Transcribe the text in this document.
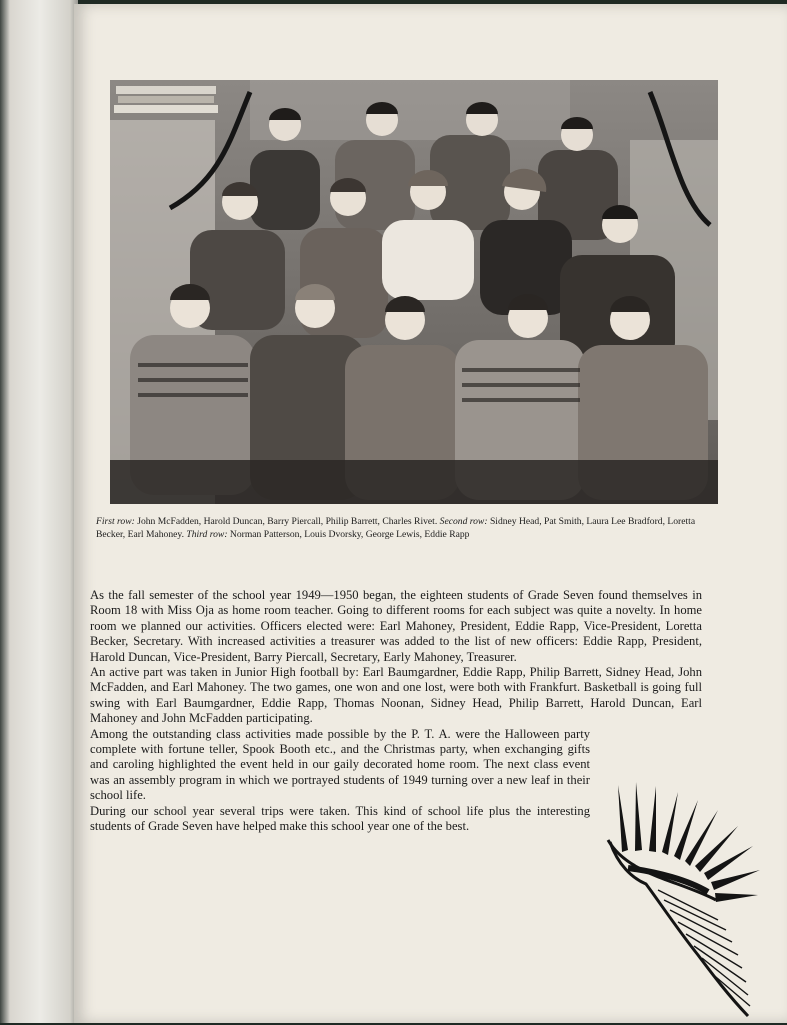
First row: John McFadden, Harold Duncan, Barry Piercall, Philip Barrett, Charles Rivet. Second row: Sidney Head, Pat Smith, Laura Lee Bradford, Loretta Becker, Earl Mahoney. Third row: Norman Patterson, Louis Dvorsky, George Lewis, Eddie Rapp

As the fall semester of the school year 1949—1950 began, the eighteen students of Grade Seven found themselves in Room 18 with Miss Oja as home room teacher. Going to different rooms for each subject was quite a novelty. In home room we planned our activities. Officers elected were: Earl Mahoney, President, Eddie Rapp, Vice-President, Loretta Becker, Secretary. With increased activities a treasurer was added to the list of new officers: Eddie Rapp, President, Harold Duncan, Vice-President, Barry Piercall, Secretary, Early Mahoney, Treasurer.

An active part was taken in Junior High football by: Earl Baumgardner, Eddie Rapp, Philip Barrett, Sidney Head, John McFadden, and Earl Mahoney. The two games, one won and one lost, were both with Frankfurt. Basketball is going full swing with Earl Baumgardner, Eddie Rapp, Thomas Noonan, Sidney Head, Philip Barrett, Harold Duncan, Earl Mahoney and John McFadden participating.

Among the outstanding class activities made possible by the P. T. A. were the Halloween party complete with fortune teller, Spook Booth etc., and the Christmas party, when exchanging gifts and caroling highlighted the event held in our gaily decorated home room. The next class event was an assembly program in which we portrayed students of 1949 turning over a new leaf in their school life.

During our school year several trips were taken. This kind of school life plus the interesting students of Grade Seven have helped make this school year one of the best.
